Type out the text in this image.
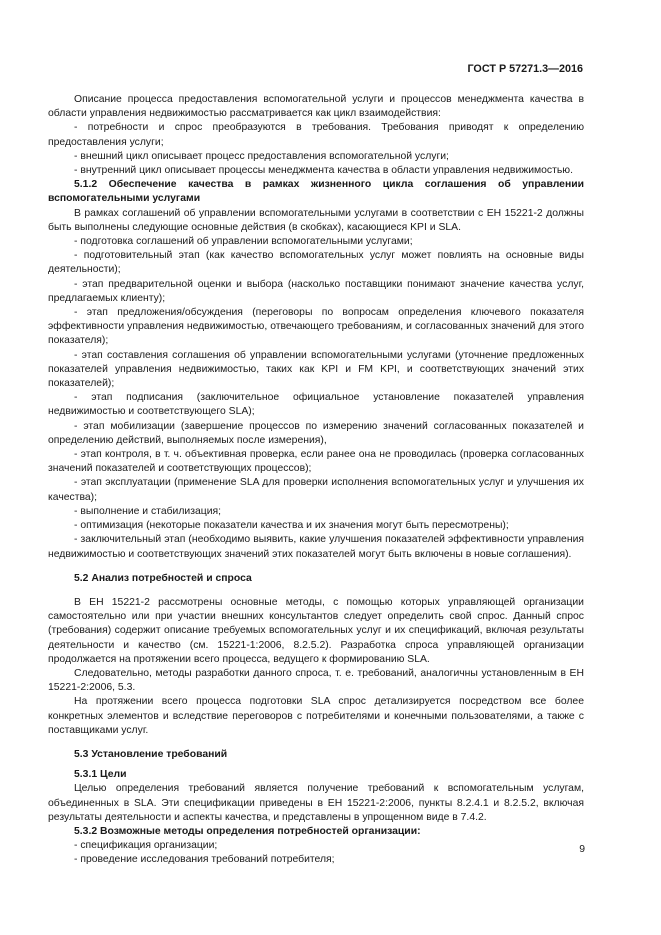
ГОСТ Р 57271.3—2016
Описание процесса предоставления вспомогательной услуги и процессов менеджмента качества в области управления недвижимостью рассматривается как цикл взаимодействия:
- потребности и спрос преобразуются в требования. Требования приводят к определению предоставления услуги;
- внешний цикл описывает процесс предоставления вспомогательной услуги;
- внутренний цикл описывает процессы менеджмента качества в области управления недвижимостью.
5.1.2 Обеспечение качества в рамках жизненного цикла соглашения об управлении вспомогательными услугами
В рамках соглашений об управлении вспомогательными услугами в соответствии с ЕН 15221-2 должны быть выполнены следующие основные действия (в скобках), касающиеся KPI и SLA.
- подготовка соглашений об управлении вспомогательными услугами;
- подготовительный этап (как качество вспомогательных услуг может повлиять на основные виды деятельности);
- этап предварительной оценки и выбора (насколько поставщики понимают значение качества услуг, предлагаемых клиенту);
- этап предложения/обсуждения (переговоры по вопросам определения ключевого показателя эффективности управления недвижимостью, отвечающего требованиям, и согласованных значений для этого показателя);
- этап составления соглашения об управлении вспомогательными услугами (уточнение предложенных показателей управления недвижимостью, таких как KPI и FM KPI, и соответствующих значений этих показателей);
- этап подписания (заключительное официальное установление показателей управления недвижимостью и соответствующего SLA);
- этап мобилизации (завершение процессов по измерению значений согласованных показателей и определению действий, выполняемых после измерения),
- этап контроля, в т. ч. объективная проверка, если ранее она не проводилась (проверка согласованных значений показателей и соответствующих процессов);
- этап эксплуатации (применение SLA для проверки исполнения вспомогательных услуг и улучшения их качества);
- выполнение и стабилизация;
- оптимизация (некоторые показатели качества и их значения могут быть пересмотрены);
- заключительный этап (необходимо выявить, какие улучшения показателей эффективности управления недвижимостью и соответствующих значений этих показателей могут быть включены в новые соглашения).
5.2 Анализ потребностей и спроса
В ЕН 15221-2 рассмотрены основные методы, с помощью которых управляющей организации самостоятельно или при участии внешних консультантов следует определить свой спрос. Данный спрос (требования) содержит описание требуемых вспомогательных услуг и их спецификаций, включая результаты деятельности и качество (см. 15221-1:2006, 8.2.5.2). Разработка спроса управляющей организации продолжается на протяжении всего процесса, ведущего к формированию SLA.
Следовательно, методы разработки данного спроса, т. е. требований, аналогичны установленным в ЕН 15221-2:2006, 5.3.
На протяжении всего процесса подготовки SLA спрос детализируется посредством все более конкретных элементов и вследствие переговоров с потребителями и конечными пользователями, а также с поставщиками услуг.
5.3 Установление требований
5.3.1 Цели
Целью определения требований является получение требований к вспомогательным услугам, объединенных в SLA. Эти спецификации приведены в ЕН 15221-2:2006, пункты 8.2.4.1 и 8.2.5.2, включая результаты деятельности и аспекты качества, и представлены в упрощенном виде в 7.4.2.
5.3.2 Возможные методы определения потребностей организации:
- спецификация организации;
- проведение исследования требований потребителя;
9
